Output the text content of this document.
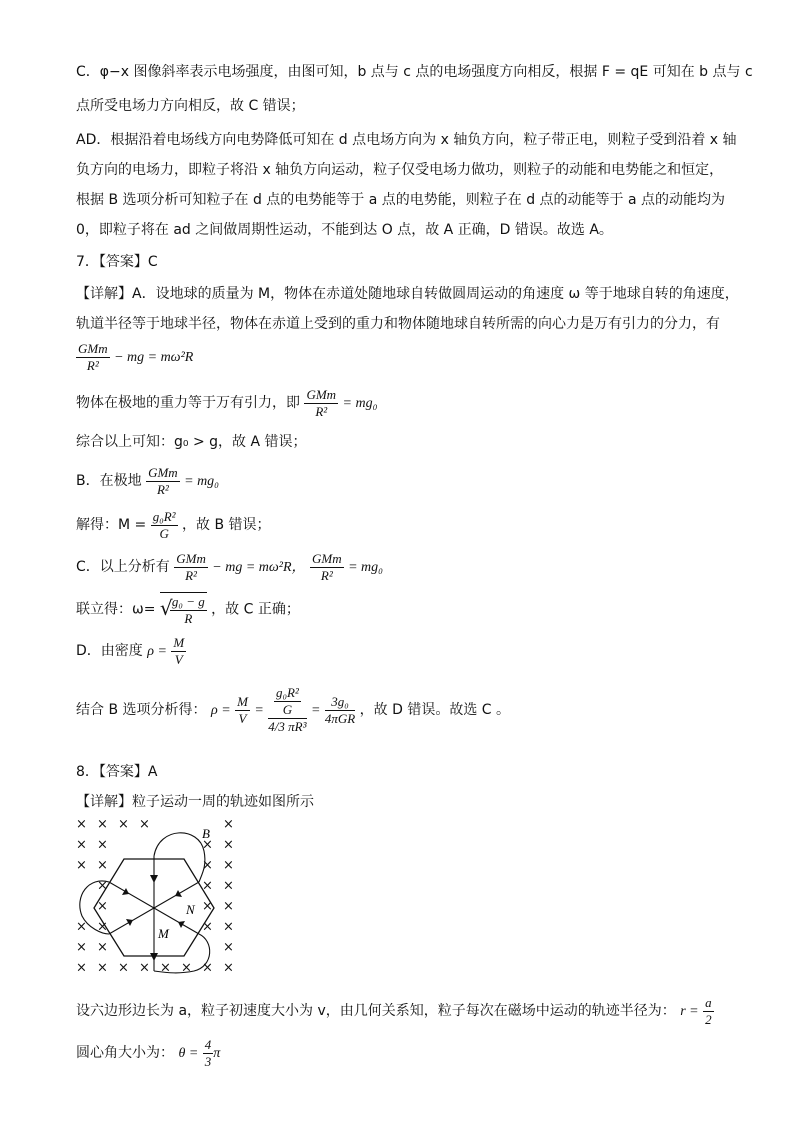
C．φ−x 图像斜率表示电场强度，由图可知，b 点与 c 点的电场强度方向相反，根据 F = qE 可知在 b 点与 c
点所受电场力方向相反，故 C 错误；
AD．根据沿着电场线方向电势降低可知在 d 点电场方向为 x 轴负方向，粒子带正电，则粒子受到沿着 x 轴
负方向的电场力，即粒子将沿 x 轴负方向运动，粒子仅受电场力做功，则粒子的动能和电势能之和恒定，
根据 B 选项分析可知粒子在 d 点的电势能等于 a 点的电势能，则粒子在 d 点的动能等于 a 点的动能均为
0，即粒子将在 ad 之间做周期性运动，不能到达 O 点，故 A 正确，D 错误。故选 A。
7．【答案】C
【详解】A．设地球的质量为 M，物体在赤道处随地球自转做圆周运动的角速度 ω 等于地球自转的角速度，
轨道半径等于地球半径，物体在赤道上受到的重力和物体随地球自转所需的向心力是万有引力的分力，有
$\frac{\text{GMm}}{\text{R²}}$ − mg = mω²R
物体在极地的重力等于万有引力，即 $\frac{\text{GMm}}{\text{R²}} = mg_0$
综合以上可知：g₀ > g，故 A 错误；
B．在极地 $\frac{\text{GMm}}{\text{R²}} = mg_0$
解得：$M = \frac{\text{g₀R²}}{G}$ ，故 B 错误；
C．以上分析有 $\frac{\text{GMm}}{\text{R²}}$ − mg = mω²R， $\frac{\text{GMm}}{\text{R²}} = mg_0$
联立得：ω= √
$\frac{\text{g₀ − g}}{R}$ ，故 C 正确；
D．由密度 $\rho = \frac{M}{V}$
结合 B 选项分析得： $\rho = \frac{M}{V} = \frac{\frac{\text{g₀R²}}{G}}{\text{4/3 πR³}} = \frac{\text{3g₀}}{\text{4πGR}}$ ，故 D 错误。故选 C 。
8．【答案】A
【详解】粒子运动一周的轨迹如图所示
× × × ×	×
× ×	× ×
× ×	× ×
×	× ×
×	× ×
× ×	× ×
× ×	×
× × × × × × × ×
B
N
M
设六边形边长为 a，粒子初速度大小为 v，由几何关系知，粒子每次在磁场中运动的轨迹半径为： $r = \frac{a}{2}$
圆心角大小为： $\theta = \frac{4}{3}$ π
